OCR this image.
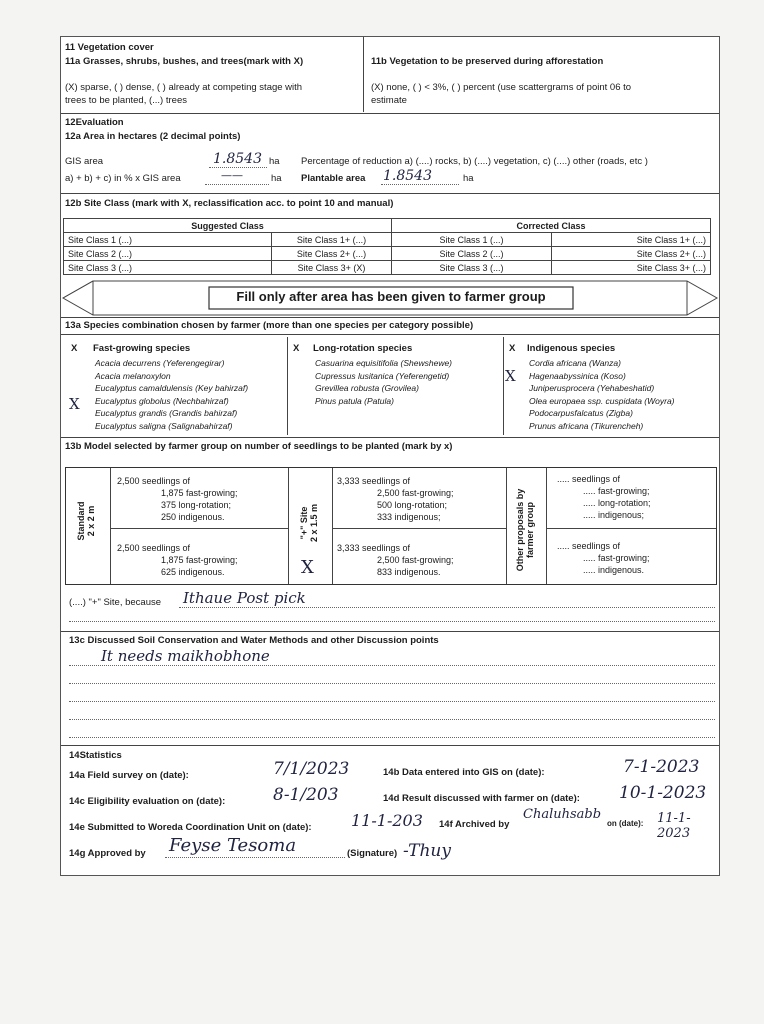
11 Vegetation cover
11a Grasses, shrubs, bushes, and trees(mark with X)
(X) sparse, ( ) dense, ( ) already at competing stage with
trees to be planted, (...) trees
11b Vegetation to be preserved during afforestation
(X) none, ( ) < 3%, ( ) percent (use scattergrams of point 06 to
estimate
12Evaluation
12a Area in hectares (2 decimal points)
GIS area	1.8543 ha Percentage of reduction a) (....) rocks, b) (....) vegetation, c) (....) other (roads, etc )
a) + b) + c) in % x GIS area	——	ha Plantable area 1.8543	ha
12b Site Class (mark with X, reclassification acc. to point 10 and manual)
Suggested Class		Corrected Class	
Site Class 1 (...)	Site Class 1+ (...)	Site Class 1 (...)	Site Class 1+ (...)
Site Class 2 (...)	Site Class 2+ (...)	Site Class 2 (...)	Site Class 2+ (...)
Site Class 3 (...)	Site Class 3+ (X)	Site Class 3 (...)	Site Class 3+ (...)
Fill only after area has been given to farmer group
13a Species combination chosen by farmer (more than one species per category possible)
X Fast-growing species	X Long-rotation species	X Indigenous species
Acacia decurrens (Yeferengegirar)
Acacia melanoxylon
Eucalyptus camaldulensis (Key bahirzaf)
Eucalyptus globolus (Nechbahirzaf)
Eucalyptus grandis (Grandis bahirzaf)
Eucalyptus saligna (Salignabahirzaf)
X
Casuarina equisitifolia (Shewshewe)
Cupressus lusitanica (Yeferengetid)
Grevillea robusta (Grovilea)
Pinus patula (Patula)
Cordia africana (Wanza)
Hagenaabyssinica (Koso)
Juniperusprocera (Yehabeshatid)
Olea europaea ssp. cuspidata (Woyra)
Podocarpusfalcatus (Zigba)
Prunus africana (Tikurencheh)
X
13b Model selected by farmer group on number of seedlings to be planted (mark by x)
Standard 2 x 2 m
2,500 seedlings of
1,875 fast-growing;
375 long-rotation;
250 indigenous.
2,500 seedlings of
1,875 fast-growing;
625 indigenous.
"+" Site 2 x 1.5 m
X
3,333 seedlings of
2,500 fast-growing;
500 long-rotation;
333 indigenous;
3,333 seedlings of
2,500 fast-growing;
833 indigenous.
Other proposals by farmer group
..... seedlings of
..... fast-growing;
..... long-rotation;
..... indigenous;
..... seedlings of
..... fast-growing;
..... indigenous.
(....) "+" Site, because Ithaue Post pick
13c Discussed Soil Conservation and Water Methods and other Discussion points
It needs maikhobhone
14Statistics
14a Field survey on (date):	7/1/2023	14b Data entered into GIS on (date):	7-1-2023
14c Eligibility evaluation on (date):	8-1/203	14d Result discussed with farmer on (date): 10-1-2023
14e Submitted to Woreda Coordination Unit on (date): 11-1-203 14f Archived by
Chaluhsabb
on (date): 11-1-2023
14g Approved by Feyse Tesoma	(Signature) -Thuy
